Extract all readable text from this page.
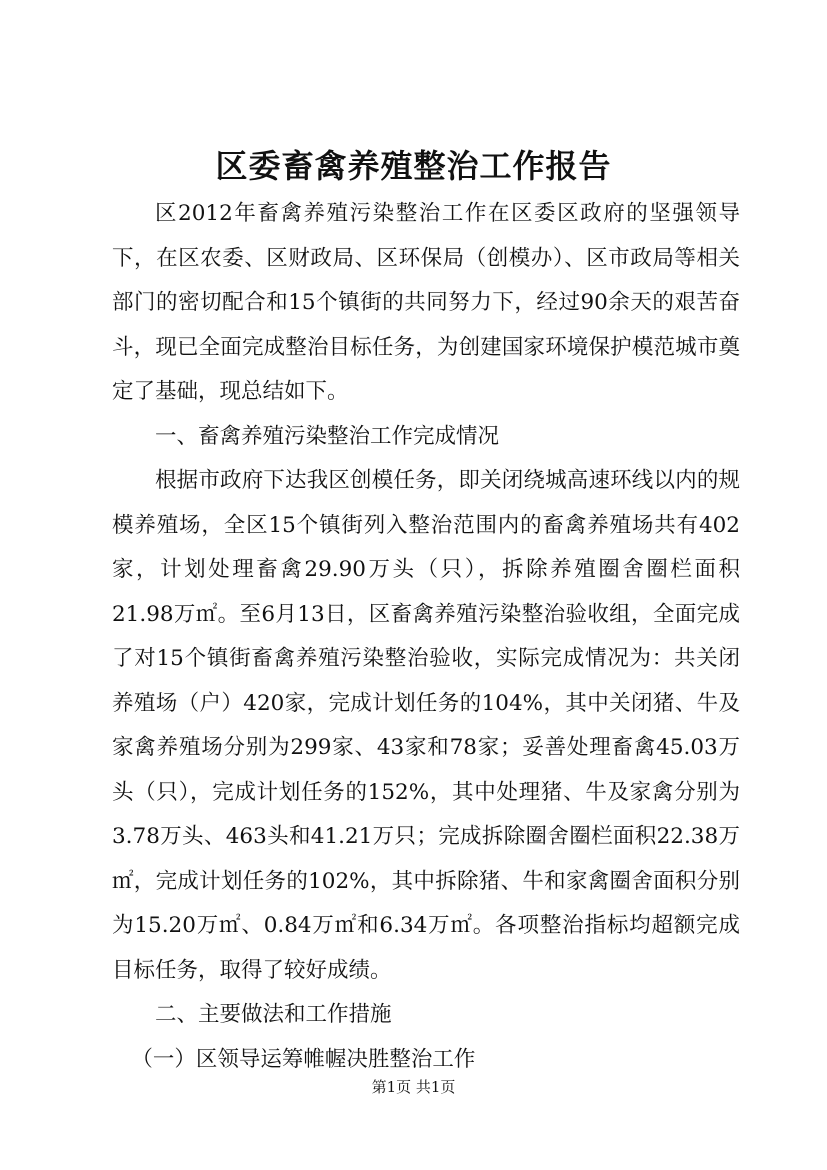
区委畜禽养殖整治工作报告

区2012年畜禽养殖污染整治工作在区委区政府的坚强领导下，在区农委、区财政局、区环保局（创模办）、区市政局等相关部门的密切配合和15个镇街的共同努力下，经过90余天的艰苦奋斗，现已全面完成整治目标任务，为创建国家环境保护模范城市奠定了基础，现总结如下。

一、畜禽养殖污染整治工作完成情况

根据市政府下达我区创模任务，即关闭绕城高速环线以内的规模养殖场，全区15个镇街列入整治范围内的畜禽养殖场共有402家，计划处理畜禽29.90万头（只），拆除养殖圈舍圈栏面积21.98万㎡。至6月13日，区畜禽养殖污染整治验收组，全面完成了对15个镇街畜禽养殖污染整治验收，实际完成情况为：共关闭养殖场（户）420家，完成计划任务的104%，其中关闭猪、牛及家禽养殖场分别为299家、43家和78家；妥善处理畜禽45.03万头（只），完成计划任务的152%，其中处理猪、牛及家禽分别为3.78万头、463头和41.21万只；完成拆除圈舍圈栏面积22.38万㎡，完成计划任务的102%，其中拆除猪、牛和家禽圈舍面积分别为15.20万㎡、0.84万㎡和6.34万㎡。各项整治指标均超额完成目标任务，取得了较好成绩。

二、主要做法和工作措施

（一）区领导运筹帷幄决胜整治工作

第1页 共1页
